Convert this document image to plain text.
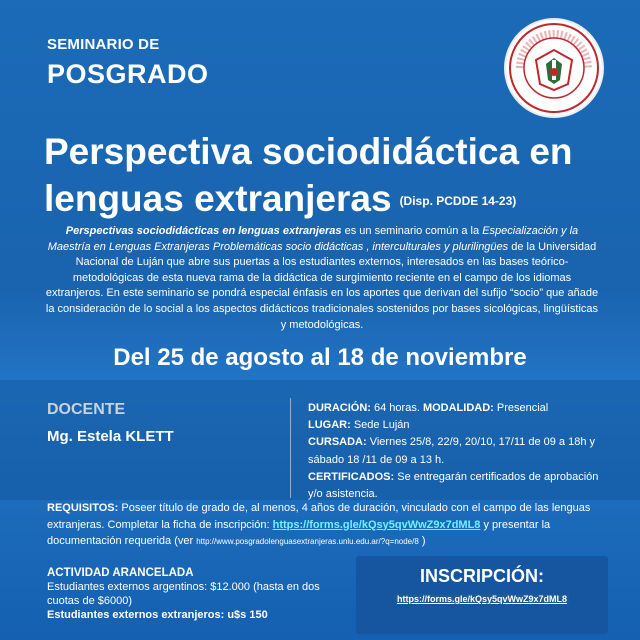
SEMINARIO DE
POSGRADO
Perspectiva sociodidáctica en
lenguas extranjeras (Disp. PCDDE 14-23)
Perspectivas sociodidácticas en lenguas extranjeras es un seminario común a la Especialización y la Maestría en Lenguas Extranjeras Problemáticas socio didácticas , interculturales y plurilingües de la Universidad Nacional de Luján que abre sus puertas a los estudiantes externos, interesados en las bases teórico-metodológicas de esta nueva rama de la didáctica de surgimiento reciente en el campo de los idiomas extranjeros. En este seminario se pondrá especial énfasis en los aportes que derivan del sufijo “socio” que añade la consideración de lo social a los aspectos didácticos tradicionales sostenidos por bases sicológicas, lingüísticas y metodológicas.
Del 25 de agosto al 18 de noviembre
DOCENTE
Mg. Estela KLETT
DURACIÓN: 64 horas. MODALIDAD: Presencial
LUGAR: Sede Luján
CURSADA: Viernes 25/8, 22/9, 20/10, 17/11 de 09 a 18h y sábado 18 /11 de 09 a 13 h.
CERTIFICADOS: Se entregarán certificados de aprobación y/o asistencia.
REQUISITOS: Poseer título de grado de, al menos, 4 años de duración, vinculado con el campo de las lenguas extranjeras. Completar la ficha de inscripción: https://forms.gle/kQsy5qvWwZ9x7dML8 y presentar la documentación requerida (ver http://www.posgradolenguasextranjeras.unlu.edu.ar/?q=node/8 )
ACTIVIDAD ARANCELADA
Estudiantes externos argentinos: $12.000 (hasta en dos cuotas de $6000)
Estudiantes externos extranjeros: u$s 150
INSCRIPCIÓN:
https://forms.gle/kQsy5qvWwZ9x7dML8
